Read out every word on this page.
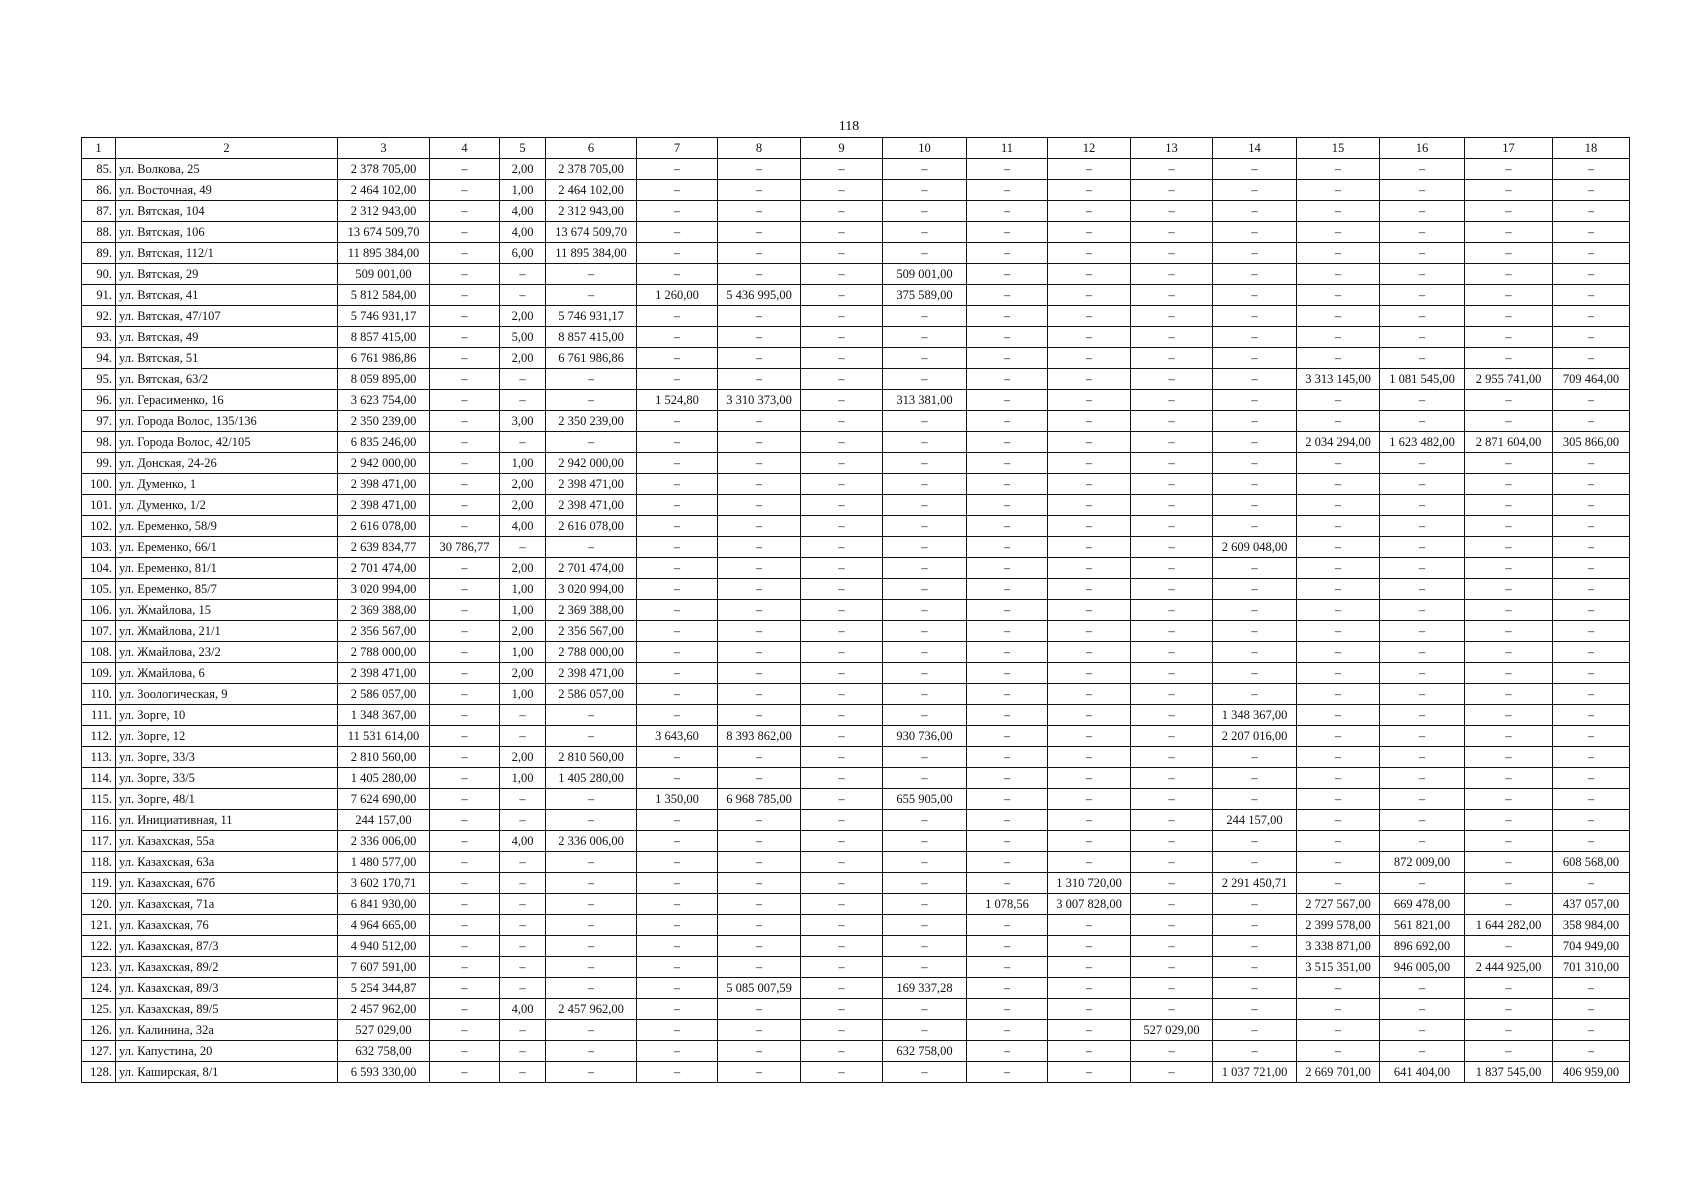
118
1	2	3	4	5	6	7	8	9	10	11	12	13	14	15	16	17	18
85.	ул. Волкова, 25	2 378 705,00	–	2,00	2 378 705,00	–	–	–	–	–	–	–	–	–	–	–	–
86.	ул. Восточная, 49	2 464 102,00	–	1,00	2 464 102,00	–	–	–	–	–	–	–	–	–	–	–	–
87.	ул. Вятская, 104	2 312 943,00	–	4,00	2 312 943,00	–	–	–	–	–	–	–	–	–	–	–	–
88.	ул. Вятская, 106	13 674 509,70	–	4,00	13 674 509,70	–	–	–	–	–	–	–	–	–	–	–	–
89.	ул. Вятская, 112/1	11 895 384,00	–	6,00	11 895 384,00	–	–	–	–	–	–	–	–	–	–	–	–
90.	ул. Вятская, 29	509 001,00	–	–	–	–	–	–	509 001,00	–	–	–	–	–	–	–	–
91.	ул. Вятская, 41	5 812 584,00	–	–	–	1 260,00	5 436 995,00	–	375 589,00	–	–	–	–	–	–	–	–
92.	ул. Вятская, 47/107	5 746 931,17	–	2,00	5 746 931,17	–	–	–	–	–	–	–	–	–	–	–	–
93.	ул. Вятская, 49	8 857 415,00	–	5,00	8 857 415,00	–	–	–	–	–	–	–	–	–	–	–	–
94.	ул. Вятская, 51	6 761 986,86	–	2,00	6 761 986,86	–	–	–	–	–	–	–	–	–	–	–	–
95.	ул. Вятская, 63/2	8 059 895,00	–	–	–	–	–	–	–	–	–	–	–	3 313 145,00	1 081 545,00	2 955 741,00	709 464,00
96.	ул. Герасименко, 16	3 623 754,00	–	–	–	1 524,80	3 310 373,00	–	313 381,00	–	–	–	–	–	–	–	–
97.	ул. Города Волос, 135/136	2 350 239,00	–	3,00	2 350 239,00	–	–	–	–	–	–	–	–	–	–	–	–
98.	ул. Города Волос, 42/105	6 835 246,00	–	–	–	–	–	–	–	–	–	–	–	2 034 294,00	1 623 482,00	2 871 604,00	305 866,00
99.	ул. Донская, 24-26	2 942 000,00	–	1,00	2 942 000,00	–	–	–	–	–	–	–	–	–	–	–	–
100.	ул. Думенко, 1	2 398 471,00	–	2,00	2 398 471,00	–	–	–	–	–	–	–	–	–	–	–	–
101.	ул. Думенко, 1/2	2 398 471,00	–	2,00	2 398 471,00	–	–	–	–	–	–	–	–	–	–	–	–
102.	ул. Еременко, 58/9	2 616 078,00	–	4,00	2 616 078,00	–	–	–	–	–	–	–	–	–	–	–	–
103.	ул. Еременко, 66/1	2 639 834,77	30 786,77	–	–	–	–	–	–	–	–	–	2 609 048,00	–	–	–	–
104.	ул. Еременко, 81/1	2 701 474,00	–	2,00	2 701 474,00	–	–	–	–	–	–	–	–	–	–	–	–
105.	ул. Еременко, 85/7	3 020 994,00	–	1,00	3 020 994,00	–	–	–	–	–	–	–	–	–	–	–	–
106.	ул. Жмайлова, 15	2 369 388,00	–	1,00	2 369 388,00	–	–	–	–	–	–	–	–	–	–	–	–
107.	ул. Жмайлова, 21/1	2 356 567,00	–	2,00	2 356 567,00	–	–	–	–	–	–	–	–	–	–	–	–
108.	ул. Жмайлова, 23/2	2 788 000,00	–	1,00	2 788 000,00	–	–	–	–	–	–	–	–	–	–	–	–
109.	ул. Жмайлова, 6	2 398 471,00	–	2,00	2 398 471,00	–	–	–	–	–	–	–	–	–	–	–	–
110.	ул. Зоологическая, 9	2 586 057,00	–	1,00	2 586 057,00	–	–	–	–	–	–	–	–	–	–	–	–
111.	ул. Зорге, 10	1 348 367,00	–	–	–	–	–	–	–	–	–	–	1 348 367,00	–	–	–	–
112.	ул. Зорге, 12	11 531 614,00	–	–	–	3 643,60	8 393 862,00	–	930 736,00	–	–	–	2 207 016,00	–	–	–	–
113.	ул. Зорге, 33/3	2 810 560,00	–	2,00	2 810 560,00	–	–	–	–	–	–	–	–	–	–	–	–
114.	ул. Зорге, 33/5	1 405 280,00	–	1,00	1 405 280,00	–	–	–	–	–	–	–	–	–	–	–	–
115.	ул. Зорге, 48/1	7 624 690,00	–	–	–	1 350,00	6 968 785,00	–	655 905,00	–	–	–	–	–	–	–	–
116.	ул. Инициативная, 11	244 157,00	–	–	–	–	–	–	–	–	–	–	244 157,00	–	–	–	–
117.	ул. Казахская, 55а	2 336 006,00	–	4,00	2 336 006,00	–	–	–	–	–	–	–	–	–	–	–	–
118.	ул. Казахская, 63а	1 480 577,00	–	–	–	–	–	–	–	–	–	–	–	–	872 009,00	–	608 568,00
119.	ул. Казахская, 67б	3 602 170,71	–	–	–	–	–	–	–	–	1 310 720,00	–	2 291 450,71	–	–	–	–
120.	ул. Казахская, 71а	6 841 930,00	–	–	–	–	–	–	–	1 078,56	3 007 828,00	–	–	2 727 567,00	669 478,00	–	437 057,00
121.	ул. Казахская, 76	4 964 665,00	–	–	–	–	–	–	–	–	–	–	–	2 399 578,00	561 821,00	1 644 282,00	358 984,00
122.	ул. Казахская, 87/3	4 940 512,00	–	–	–	–	–	–	–	–	–	–	–	3 338 871,00	896 692,00	–	704 949,00
123.	ул. Казахская, 89/2	7 607 591,00	–	–	–	–	–	–	–	–	–	–	–	3 515 351,00	946 005,00	2 444 925,00	701 310,00
124.	ул. Казахская, 89/3	5 254 344,87	–	–	–	–	5 085 007,59	–	169 337,28	–	–	–	–	–	–	–	–
125.	ул. Казахская, 89/5	2 457 962,00	–	4,00	2 457 962,00	–	–	–	–	–	–	–	–	–	–	–	–
126.	ул. Калинина, 32а	527 029,00	–	–	–	–	–	–	–	–	–	527 029,00	–	–	–	–	–
127.	ул. Капустина, 20	632 758,00	–	–	–	–	–	–	632 758,00	–	–	–	–	–	–	–	–
128.	ул. Каширская, 8/1	6 593 330,00	–	–	–	–	–	–	–	–	–	–	1 037 721,00	2 669 701,00	641 404,00	1 837 545,00	406 959,00
